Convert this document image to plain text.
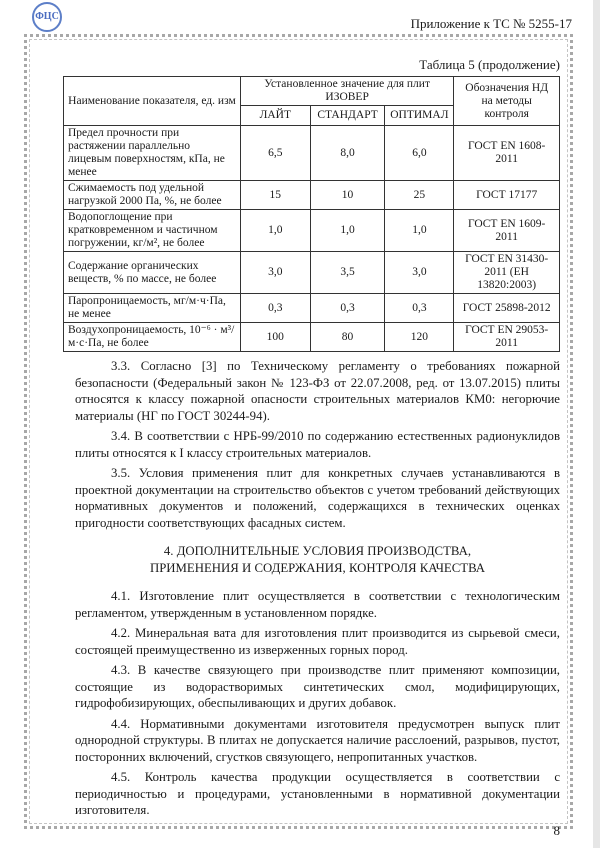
ФЦС	Приложение к ТС № 5255-17
Таблица 5 (продолжение)
Наименование показателя, ед. изм	Установленное значение для плит ИЗОВЕР			Обозначения НД на методы контроля
	ЛАЙТ	СТАНДАРТ	ОПТИМАЛ	
Предел прочности при растяжении параллельно лицевым поверхностям, кПа, не менее	6,5	8,0	6,0	ГОСТ EN 1608-2011
Сжимаемость под удельной нагрузкой 2000 Па, %, не более	15	10	25	ГОСТ 17177
Водопоглощение при кратковременном и частичном погружении, кг/м², не более	1,0	1,0	1,0	ГОСТ EN 1609-2011
Содержание органических веществ, % по массе, не более	3,0	3,5	3,0	ГОСТ EN 31430-2011 (ЕН 13820:2003)
Паропроницаемость, мг/м·ч·Па, не менее	0,3	0,3	0,3	ГОСТ 25898-2012
Воздухопроницаемость, 10⁻⁶ · м³/м·с·Па, не более	100	80	120	ГОСТ EN 29053-2011
3.3. Согласно [3] по Техническому регламенту о требованиях пожарной безопасности (Федеральный закон № 123-ФЗ от 22.07.2008, ред. от 13.07.2015) плиты относятся к классу пожарной опасности строительных материалов КМ0: негорючие материалы (НГ по ГОСТ 30244-94).
3.4. В соответствии с НРБ-99/2010 по содержанию естественных радионуклидов плиты относятся к I классу строительных материалов.
3.5. Условия применения плит для конкретных случаев устанавливаются в проектной документации на строительство объектов с учетом требований действующих нормативных документов и положений, содержащихся в технических оценках пригодности соответствующих фасадных систем.
4. ДОПОЛНИТЕЛЬНЫЕ УСЛОВИЯ ПРОИЗВОДСТВА,
ПРИМЕНЕНИЯ И СОДЕРЖАНИЯ, КОНТРОЛЯ КАЧЕСТВА
4.1. Изготовление плит осуществляется в соответствии с технологическим регламентом, утвержденным в установленном порядке.
4.2. Минеральная вата для изготовления плит производится из сырьевой смеси, состоящей преимущественно из изверженных горных пород.
4.3. В качестве связующего при производстве плит применяют композиции, состоящие из водорастворимых синтетических смол, модифицирующих, гидрофобизирующих, обеспыливающих и других добавок.
4.4. Нормативными документами изготовителя предусмотрен выпуск плит однородной структуры. В плитах не допускается наличие расслоений, разрывов, пустот, посторонних включений, сгустков связующего, непропитанных участков.
4.5. Контроль качества продукции осуществляется в соответствии с периодичностью и процедурами, установленными в нормативной документации изготовителя.
8
